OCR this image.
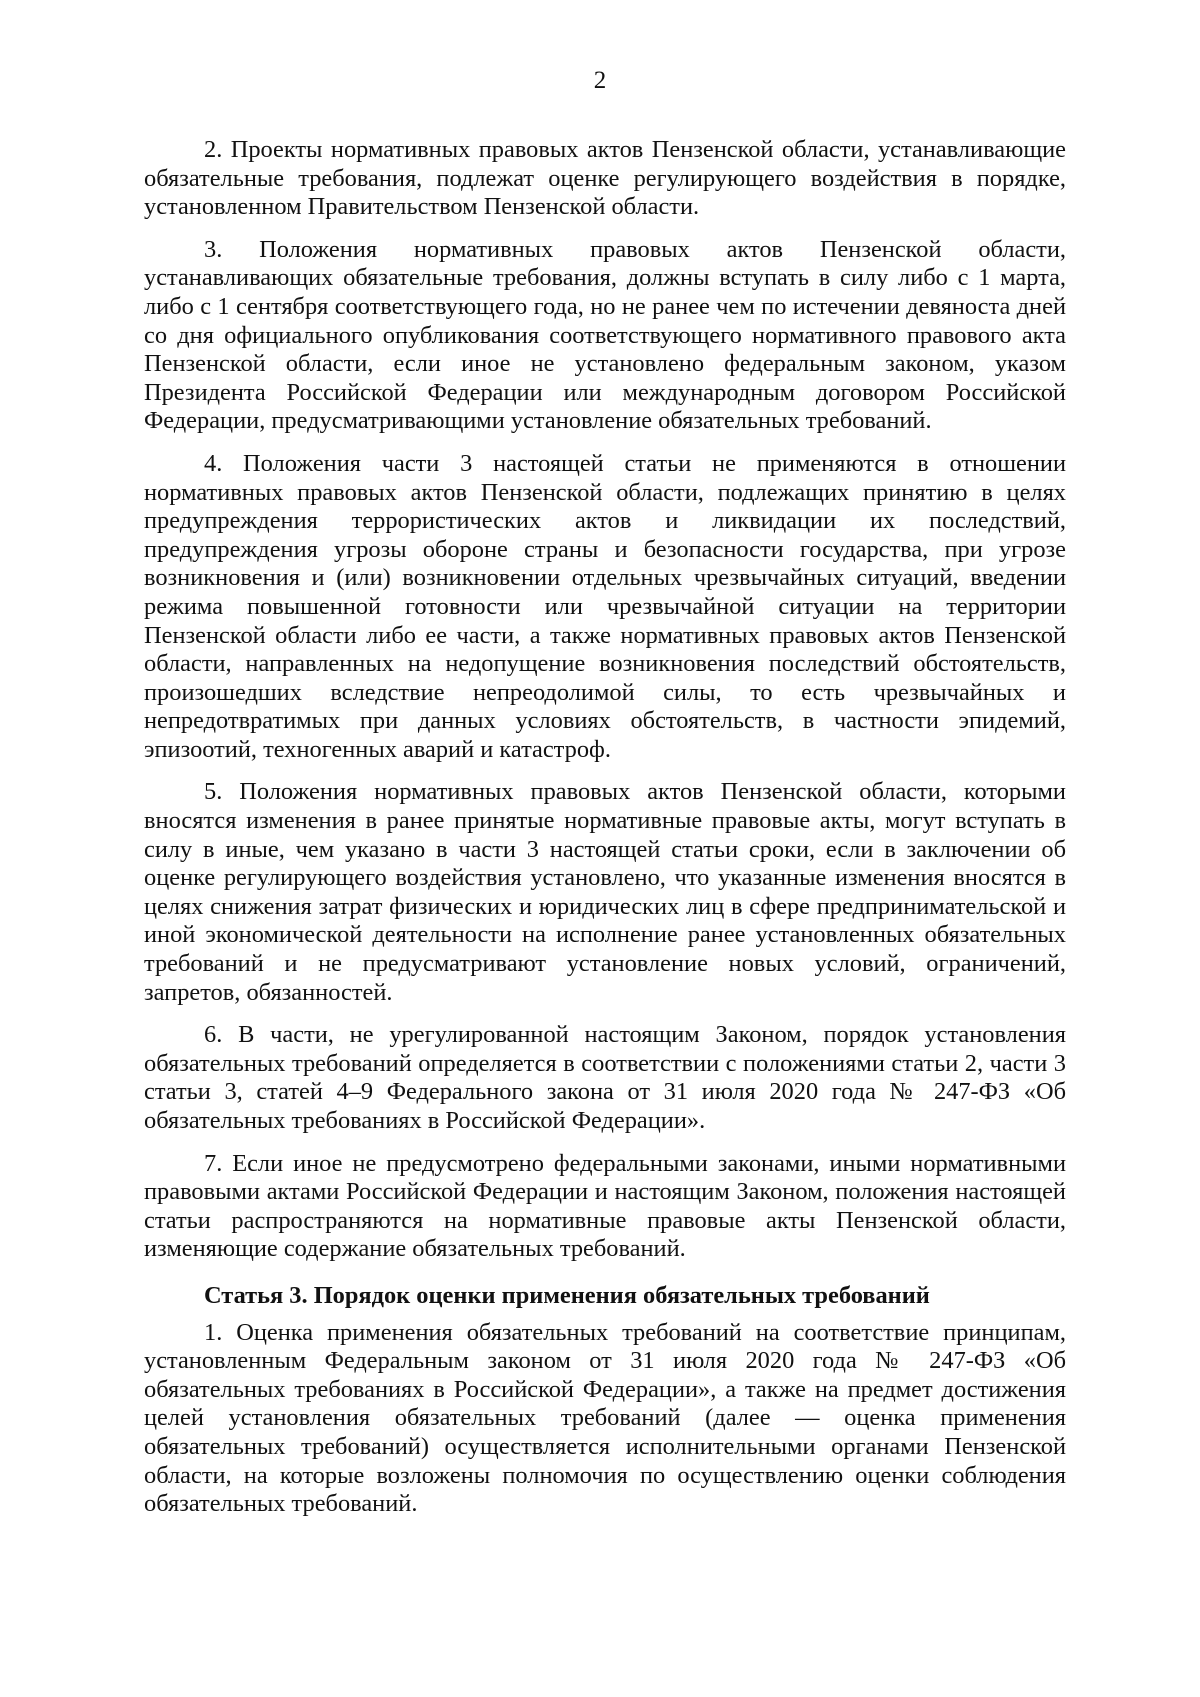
2

2. Проекты нормативных правовых актов Пензенской области, устанавливающие обязательные требования, подлежат оценке регулирующего воздействия в порядке, установленном Правительством Пензенской области.

3. Положения нормативных правовых актов Пензенской области, устанавливающих обязательные требования, должны вступать в силу либо с 1 марта, либо с 1 сентября соответствующего года, но не ранее чем по истечении девяноста дней со дня официального опубликования соответствующего нормативного правового акта Пензенской области, если иное не установлено федеральным законом, указом Президента Российской Федерации или международным договором Российской Федерации, предусматривающими установление обязательных требований.

4. Положения части 3 настоящей статьи не применяются в отношении нормативных правовых актов Пензенской области, подлежащих принятию в целях предупреждения террористических актов и ликвидации их последствий, предупреждения угрозы обороне страны и безопасности государства, при угрозе возникновения и (или) возникновении отдельных чрезвычайных ситуаций, введении режима повышенной готовности или чрезвычайной ситуации на территории Пензенской области либо ее части, а также нормативных правовых актов Пензенской области, направленных на недопущение возникновения последствий обстоятельств, произошедших вследствие непреодолимой силы, то есть чрезвычайных и непредотвратимых при данных условиях обстоятельств, в частности эпидемий, эпизоотий, техногенных аварий и катастроф.

5. Положения нормативных правовых актов Пензенской области, которыми вносятся изменения в ранее принятые нормативные правовые акты, могут вступать в силу в иные, чем указано в части 3 настоящей статьи сроки, если в заключении об оценке регулирующего воздействия установлено, что указанные изменения вносятся в целях снижения затрат физических и юридических лиц в сфере предпринимательской и иной экономической деятельности на исполнение ранее установленных обязательных требований и не предусматривают установление новых условий, ограничений, запретов, обязанностей.

6. В части, не урегулированной настоящим Законом, порядок установления обязательных требований определяется в соответствии с положениями статьи 2, части 3 статьи 3, статей 4–9 Федерального закона от 31 июля 2020 года № 247-ФЗ «Об обязательных требованиях в Российской Федерации».

7. Если иное не предусмотрено федеральными законами, иными нормативными правовыми актами Российской Федерации и настоящим Законом, положения настоящей статьи распространяются на нормативные правовые акты Пензенской области, изменяющие содержание обязательных требований.

Статья 3. Порядок оценки применения обязательных требований

1. Оценка применения обязательных требований на соответствие принципам, установленным Федеральным законом от 31 июля 2020 года № 247-ФЗ «Об обязательных требованиях в Российской Федерации», а также на предмет достижения целей установления обязательных требований (далее — оценка применения обязательных требований) осуществляется исполнительными органами Пензенской области, на которые возложены полномочия по осуществлению оценки соблюдения обязательных требований.
